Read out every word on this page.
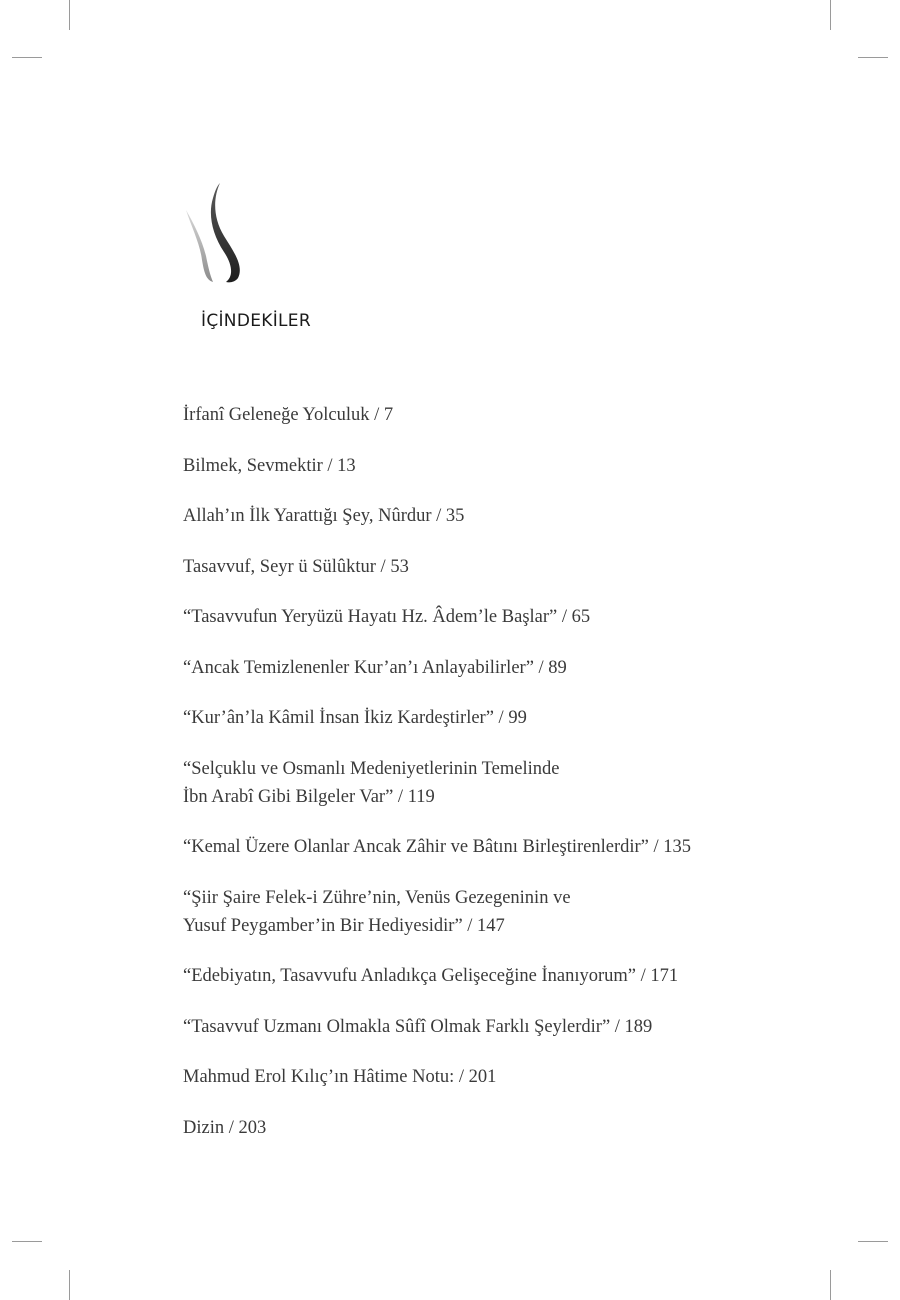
İÇİNDEKİLER
İrfanî Geleneğe Yolculuk / 7
Bilmek, Sevmektir / 13
Allah’ın İlk Yarattığı Şey, Nûrdur / 35
Tasavvuf, Seyr ü Sülûktur / 53
“Tasavvufun Yeryüzü Hayatı Hz. Âdem’le Başlar” / 65
“Ancak Temizlenenler Kur’an’ı Anlayabilirler” / 89
“Kur’ân’la Kâmil İnsan İkiz Kardeştirler” / 99
“Selçuklu ve Osmanlı Medeniyetlerinin Temelinde
İbn Arabî Gibi Bilgeler Var” / 119
“Kemal Üzere Olanlar Ancak Zâhir ve Bâtını Birleştirenlerdir” / 135
“Şiir Şaire Felek-i Zühre’nin, Venüs Gezegeninin ve
Yusuf Peygamber’in Bir Hediyesidir” / 147
“Edebiyatın, Tasavvufu Anladıkça Gelişeceğine İnanıyorum” / 171
“Tasavvuf Uzmanı Olmakla Sûfî Olmak Farklı Şeylerdir” / 189
Mahmud Erol Kılıç’ın Hâtime Notu: / 201
Dizin / 203
